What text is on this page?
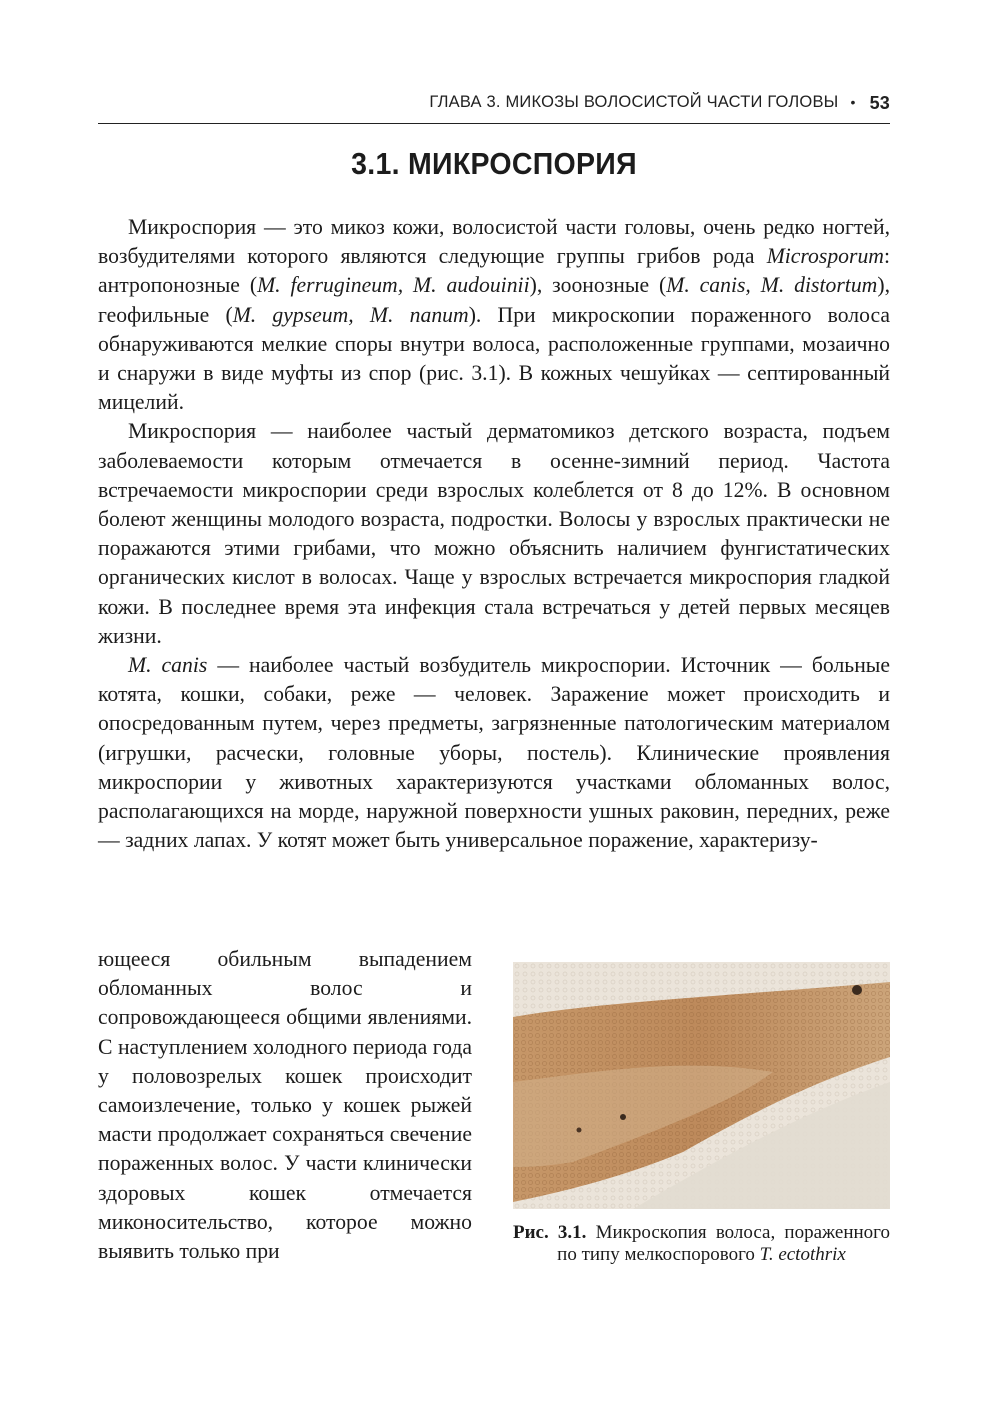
ГЛАВА 3. МИКОЗЫ ВОЛОСИСТОЙ ЧАСТИ ГОЛОВЫ • 53
3.1. МИКРОСПОРИЯ

Микроспория — это микоз кожи, волосистой части головы, очень редко ногтей, возбудителями которого являются следующие группы грибов рода Microsporum: антропонозные (M. ferrugineum, M. audouinii), зоонозные (M. canis, M. distortum), геофильные (M. gypseum, M. nanum). При микроскопии пораженного волоса обнаруживаются мелкие споры внутри волоса, расположенные группами, мозаично и снаружи в виде муфты из спор (рис. 3.1). В кожных чешуйках — септированный мицелий.

Микроспория — наиболее частый дерматомикоз детского возраста, подъем заболеваемости которым отмечается в осенне-зимний период. Частота встречаемости микроспории среди взрослых колеблется от 8 до 12%. В основном болеют женщины молодого возраста, подростки. Волосы у взрослых практически не поражаются этими грибами, что можно объяснить наличием фунгистатических органических кислот в волосах. Чаще у взрослых встречается микроспория гладкой кожи. В последнее время эта инфекция стала встречаться у детей первых месяцев жизни.

M. canis — наиболее частый возбудитель микроспории. Источник — больные котята, кошки, собаки, реже — человек. Заражение может происходить и опосредованным путем, через предметы, загрязненные патологическим материалом (игрушки, расчески, головные уборы, постель). Клинические проявления микроспории у животных характеризуются участками обломанных волос, располагающихся на морде, наружной поверхности ушных раковин, передних, реже — задних лапах. У котят может быть универсальное поражение, характеризу-

ющееся обильным выпадением обломанных волос и сопровождающееся общими явлениями. С наступлением холодного периода года у половозрелых кошек происходит самоизлечение, только у кошек рыжей масти продолжает сохраняться свечение пораженных волос. У части клинически здоровых кошек отмечается миконосительство, которое можно выявить только при

Рис. 3.1. Микроскопия волоса, пораженного по типу мелкоспорового T. ectothrix
